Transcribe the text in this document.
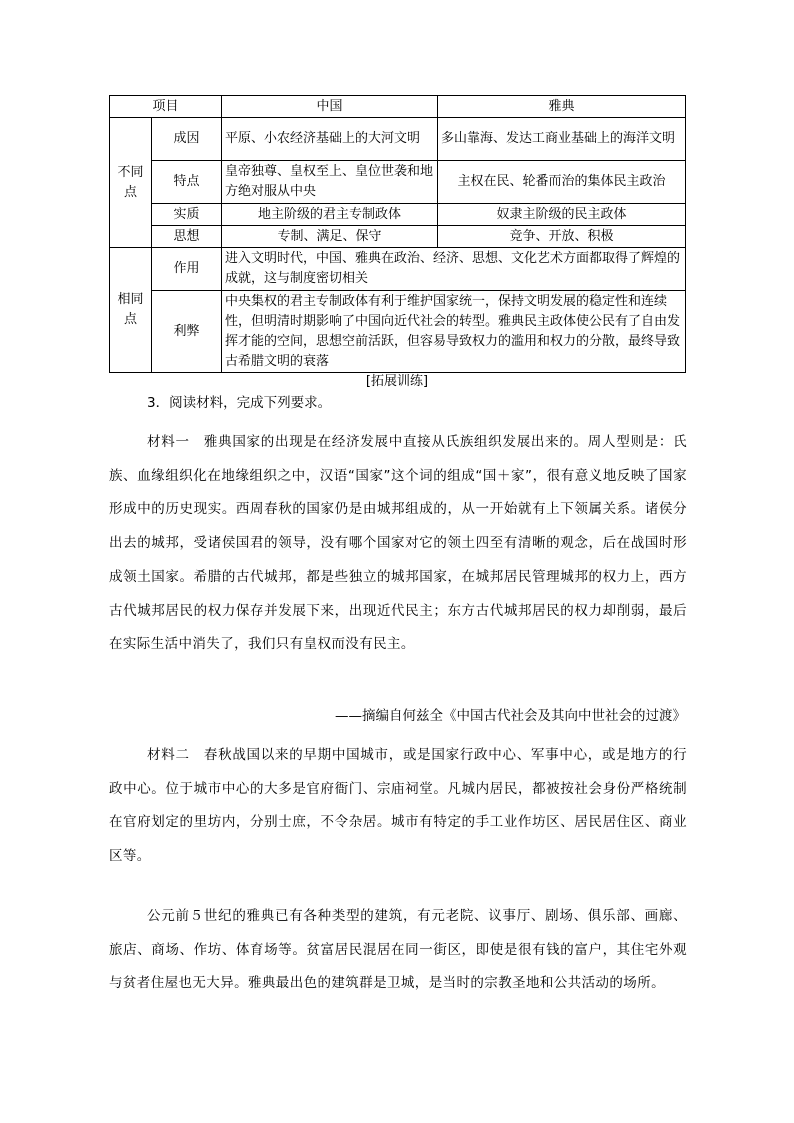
项目		中国	雅典
不同点	成因	平原、小农经济基础上的大河文明	多山靠海、发达工商业基础上的海洋文明
	特点	皇帝独尊、皇权至上、皇位世袭和地方绝对服从中央	主权在民、轮番而治的集体民主政治
	实质	地主阶级的君主专制政体	奴隶主阶级的民主政体
	思想	专制、满足、保守	竞争、开放、积极
相同点	作用	进入文明时代，中国、雅典在政治、经济、思想、文化艺术方面都取得了辉煌的成就，这与制度密切相关	
	利弊	中央集权的君主专制政体有利于维护国家统一，保持文明发展的稳定性和连续性，但明清时期影响了中国向近代社会的转型。雅典民主政体使公民有了自由发挥才能的空间，思想空前活跃，但容易导致权力的滥用和权力的分散，最终导致古希腊文明的衰落	
[拓展训练]
3．阅读材料，完成下列要求。
材料一　雅典国家的出现是在经济发展中直接从氏族组织发展出来的。周人型则是：氏族、血缘组织化在地缘组织之中，汉语“国家”这个词的组成“国＋家”，很有意义地反映了国家形成中的历史现实。西周春秋的国家仍是由城邦组成的，从一开始就有上下领属关系。诸侯分出去的城邦，受诸侯国君的领导，没有哪个国家对它的领土四至有清晰的观念，后在战国时形成领土国家。希腊的古代城邦，都是些独立的城邦国家，在城邦居民管理城邦的权力上，西方古代城邦居民的权力保存并发展下来，出现近代民主；东方古代城邦居民的权力却削弱，最后在实际生活中消失了，我们只有皇权而没有民主。
——摘编自何兹全《中国古代社会及其向中世社会的过渡》
材料二　春秋战国以来的早期中国城市，或是国家行政中心、军事中心，或是地方的行政中心。位于城市中心的大多是官府衙门、宗庙祠堂。凡城内居民，都被按社会身份严格统制在官府划定的里坊内，分别士庶，不令杂居。城市有特定的手工业作坊区、居民居住区、商业区等。
公元前５世纪的雅典已有各种类型的建筑，有元老院、议事厅、剧场、俱乐部、画廊、旅店、商场、作坊、体育场等。贫富居民混居在同一街区，即使是很有钱的富户，其住宅外观与贫者住屋也无大异。雅典最出色的建筑群是卫城，是当时的宗教圣地和公共活动的场所。
